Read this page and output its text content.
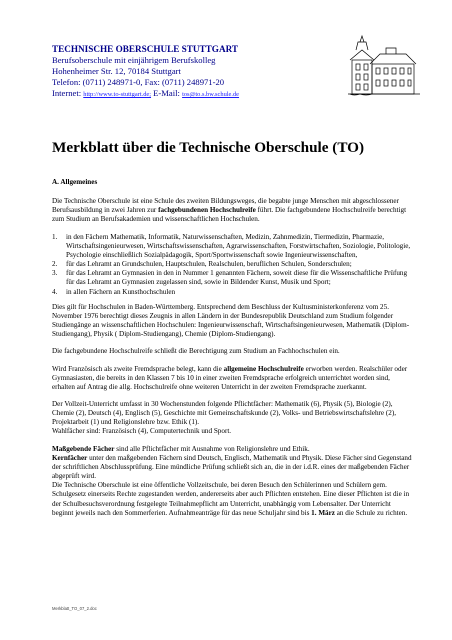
TECHNISCHE OBERSCHULE STUTTGART
Berufsoberschule mit einjährigem Berufskolleg
Hohenheimer Str. 12, 70184 Stuttgart
Telefon: (0711) 248971-0, Fax: (0711) 248971-20
Internet: http://www.to-stuttgart.de; E-Mail: tos@to.s.bw.schule.de
Merkblatt über die Technische Oberschule (TO)

A. Allgemeines

Die Technische Oberschule ist eine Schule des zweiten Bildungsweges, die begabte junge Menschen mit abgeschlossener Berufsausbildung in zwei Jahren zur fachgebundenen Hochschulreife führt. Die fachgebundene Hochschulreife berechtigt zum Studium an Berufsakademien und wissenschaftlichen Hochschulen.

1.	in den Fächern Mathematik, Informatik, Naturwissenschaften, Medizin, Zahnmedizin, Tiermedizin, Pharmazie, Wirtschaftsingenieurwesen, Wirtschaftswissenschaften, Agrarwissenschaften, Forstwirtschaften, Soziologie, Politologie, Psychologie einschließlich Sozialpädagogik, Sport/Sportwissenschaft sowie Ingenieurwissenschaften,
2.	für das Lehramt an Grundschulen, Hauptschulen, Realschulen, beruflichen Schulen, Sonderschulen;
3.	für das Lehramt an Gymnasien in den in Nummer 1 genannten Fächern, soweit diese für die Wissenschaftliche Prüfung für das Lehramt an Gymnasien zugelassen sind, sowie in Bildender Kunst, Musik und Sport;
4.	in allen Fächern an Kunsthochschulen

Dies gilt für Hochschulen in Baden-Württemberg. Entsprechend dem Beschluss der Kultusministerkonferenz vom 25. November 1976 berechtigt dieses Zeugnis in allen Ländern in der Bundesrepublik Deutschland zum Studium folgender Studiengänge an wissenschaftlichen Hochschulen: Ingenieurwissenschaft, Wirtschaftsingenieurwesen, Mathematik (Diplom-Studiengang), Physik ( Diplom-Studiengang), Chemie (Diplom-Studiengang).

Die fachgebundene Hochschulreife schließt die Berechtigung zum Studium an Fachhochschulen ein.

Wird Französisch als zweite Fremdsprache belegt, kann die allgemeine Hochschulreife erworben werden. Realschüler oder Gymnasiasten, die bereits in den Klassen 7 bis 10 in einer zweiten Fremdsprache erfolgreich unterrichtet worden sind, erhalten auf Antrag die allg. Hochschulreife ohne weiteren Unterricht in der zweiten Fremdsprache zuerkannt.

Der Vollzeit-Unterricht umfasst in 30 Wochenstunden folgende Pflichtfächer: Mathematik (6), Physik (5), Biologie (2), Chemie (2), Deutsch (4), Englisch (5), Geschichte mit Gemeinschaftskunde (2), Volks- und Betriebswirtschaftslehre (2), Projektarbeit (1) und Religionslehre bzw. Ethik (1).
Wahlfächer sind: Französisch (4), Computertechnik und Sport.

Maßgebende Fächer sind alle Pflichtfächer mit Ausnahme von Religionslehre und Ethik.
Kernfächer unter den maßgebenden Fächern sind Deutsch, Englisch, Mathematik und Physik. Diese Fächer sind Gegenstand der schriftlichen Abschlussprüfung. Eine mündliche Prüfung schließt sich an, die in der i.d.R. eines der maßgebenden Fächer abgeprüft wird.
Die Technische Oberschule ist eine öffentliche Vollzeitschule, bei deren Besuch den Schülerinnen und Schülern gem. Schulgesetz einerseits Rechte zugestanden werden, andererseits aber auch Pflichten entstehen. Eine dieser Pflichten ist die in der Schulbesuchsverordnung festgelegte Teilnahmepflicht am Unterricht, unabhängig vom Lebensalter. Der Unterricht beginnt jeweils nach den Sommerferien. Aufnahmeanträge für das neue Schuljahr sind bis 1. März an die Schule zu richten.

Merkblatt_TO_07_2.doc
